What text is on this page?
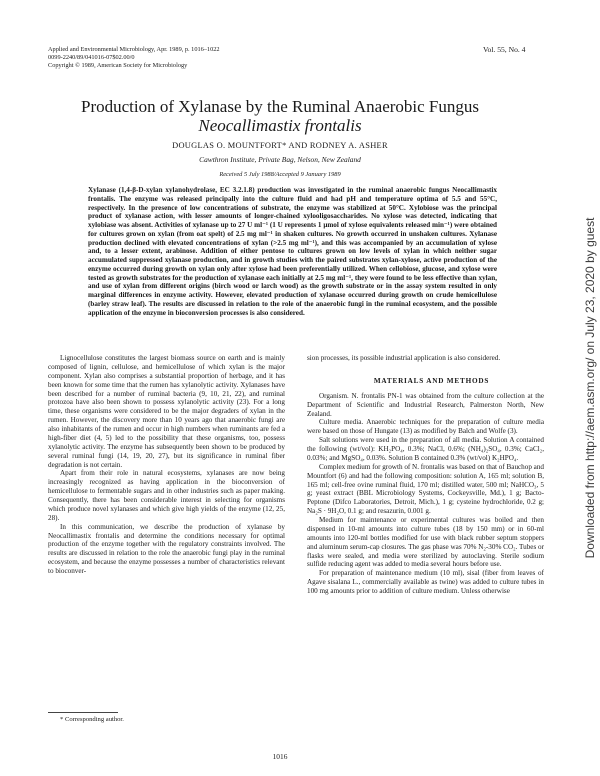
Applied and Environmental Microbiology, Apr. 1989, p. 1016–1022
0099-2240/89/041016-07$02.00/0
Copyright © 1989, American Society for Microbiology
Vol. 55, No. 4
Production of Xylanase by the Ruminal Anaerobic Fungus
Neocallimastix frontalis
DOUGLAS O. MOUNTFORT* AND RODNEY A. ASHER
Cawthron Institute, Private Bag, Nelson, New Zealand
Received 5 July 1988/Accepted 9 January 1989
Xylanase (1,4-β-D-xylan xylanohydrolase, EC 3.2.1.8) production was investigated in the ruminal anaerobic fungus Neocallimastix frontalis. The enzyme was released principally into the culture fluid and had pH and temperature optima of 5.5 and 55°C, respectively. In the presence of low concentrations of substrate, the enzyme was stabilized at 50°C. Xylobiose was the principal product of xylanase action, with lesser amounts of longer-chained xylooligosaccharides. No xylose was detected, indicating that xylobiase was absent. Activities of xylanase up to 27 U ml⁻¹ (1 U represents 1 μmol of xylose equivalents released min⁻¹) were obtained for cultures grown on xylan (from oat spelt) of 2.5 mg ml⁻¹ in shaken cultures. No growth occurred in unshaken cultures. Xylanase production declined with elevated concentrations of xylan (>2.5 mg ml⁻¹), and this was accompanied by an accumulation of xylose and, to a lesser extent, arabinose. Addition of either pentose to cultures grown on low levels of xylan in which neither sugar accumulated suppressed xylanase production, and in growth studies with the paired substrates xylan-xylose, active production of the enzyme occurred during growth on xylan only after xylose had been preferentially utilized. When cellobiose, glucose, and xylose were tested as growth substrates for the production of xylanase each initially at 2.5 mg ml⁻¹, they were found to be less effective than xylan, and use of xylan from different origins (birch wood or larch wood) as the growth substrate or in the assay system resulted in only marginal differences in enzyme activity. However, elevated production of xylanase occurred during growth on crude hemicellulose (barley straw leaf). The results are discussed in relation to the role of the anaerobic fungi in the ruminal ecosystem, and the possible application of the enzyme in bioconversion processes is also considered.

Lignocellulose constitutes the largest biomass source on earth and is mainly composed of lignin, cellulose, and hemicellulose of which xylan is the major component. Xylan also comprises a substantial proportion of herbage, and it has been known for some time that the rumen has xylanolytic activity. Xylanases have been described for a number of ruminal bacteria (9, 10, 21, 22), and ruminal protozoa have also been shown to possess xylanolytic activity (23). For a long time, these organisms were considered to be the major degraders of xylan in the rumen. However, the discovery more than 10 years ago that anaerobic fungi are also inhabitants of the rumen and occur in high numbers when ruminants are fed a high-fiber diet (4, 5) led to the possibility that these organisms, too, possess xylanolytic activity. The enzyme has subsequently been shown to be produced by several ruminal fungi (14, 19, 20, 27), but its significance in ruminal fiber degradation is not certain.

Apart from their role in natural ecosystems, xylanases are now being increasingly recognized as having application in the bioconversion of hemicellulose to fermentable sugars and in other industries such as paper making. Consequently, there has been considerable interest in selecting for organisms which produce novel xylanases and which give high yields of the enzyme (12, 25, 28).

In this communication, we describe the production of xylanase by Neocallimastix frontalis and determine the conditions necessary for optimal production of the enzyme together with the regulatory constraints involved. The results are discussed in relation to the role the anaerobic fungi play in the ruminal ecosystem, and because the enzyme possesses a number of characteristics relevant to bioconver-

* Corresponding author.

sion processes, its possible industrial application is also considered.

MATERIALS AND METHODS

Organism. N. frontalis PN-1 was obtained from the culture collection at the Department of Scientific and Industrial Research, Palmerston North, New Zealand.

Culture media. Anaerobic techniques for the preparation of culture media were based on those of Hungate (13) as modified by Balch and Wolfe (3).

Salt solutions were used in the preparation of all media. Solution A contained the following (wt/vol): KH₂PO₄, 0.3%; NaCl, 0.6%; (NH₄)₂SO₄, 0.3%; CaCl₂, 0.03%; and MgSO₄, 0.03%. Solution B contained 0.3% (wt/vol) K₂HPO₄.

Complex medium for growth of N. frontalis was based on that of Bauchop and Mountfort (6) and had the following composition: solution A, 165 ml; solution B, 165 ml; cell-free ovine ruminal fluid, 170 ml; distilled water, 500 ml; NaHCO₃, 5 g; yeast extract (BBL Microbiology Systems, Cockeysville, Md.), 1 g; Bacto-Peptone (Difco Laboratories, Detroit, Mich.), 1 g; cysteine hydrochloride, 0.2 g; Na₂S · 9H₂O, 0.1 g; and resazurin, 0.001 g.

Medium for maintenance or experimental cultures was boiled and then dispensed in 10-ml amounts into culture tubes (18 by 150 mm) or in 60-ml amounts into 120-ml bottles modified for use with black rubber septum stoppers and aluminum serum-cap closures. The gas phase was 70% N₂-30% CO₂. Tubes or flasks were sealed, and media were sterilized by autoclaving. Sterile sodium sulfide reducing agent was added to media several hours before use.

For preparation of maintenance medium (10 ml), sisal (fiber from leaves of Agave sisalana L., commercially available as twine) was added to culture tubes in 100 mg amounts prior to addition of culture medium. Unless otherwise

1016
Downloaded from http://aem.asm.org/ on July 23, 2020 by guest
